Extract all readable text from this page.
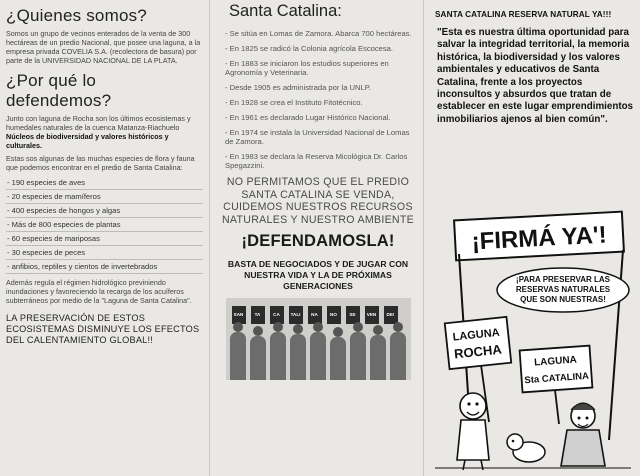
¿Quienes somos?

Somos un grupo de vecinos enterados de la venta de 300 hectáreas de un predio Nacional, que posee una laguna, a la empresa privada COVELIA S.A. (recolectora de basura) por parte de la UNIVERSIDAD NACIONAL DE LA PLATA.

¿Por qué lo defendemos?

Junto con laguna de Rocha son los últimos ecosistemas y humedales naturales de la cuenca Matanza-Riachuelo Núcleos de biodiversidad y valores históricos y culturales.

Estas sos algunas de las muchas especies de flora y fauna que podemos encontrar en el predio de Santa Catalina:

- 190 especies de aves
- 20 especies de mamíferos
- 400 especies de hongos y algas
- Más de 800 especies de plantas
- 60 especies de mariposas
- 30 especies de peces
- anfibios, reptiles y cientos de invertebrados

Además regula el régimen hidrológico previniendo inundaciones y favoreciendo la recarga de los acuíferos subterráneos por medio de la "Laguna de Santa Catalina".

LA PRESERVACIÓN DE ESTOS ECOSISTEMAS DISMINUYE LOS EFECTOS DEL CALENTAMIENTO GLOBAL!!

Santa Catalina:
- Se sitúa en Lomas de Zamora. Abarca 700 hectáreas.
- En 1825 se radicó la Colonia agrícola Escocesa.
- En 1883 se iniciaron los estudios superiores en Agronomía y Veterinaria.
- Desde 1905 es administrada por la UNLP.
- En 1928 se crea el Instituto Fitotécnico.
- En 1961 es declarado Lugar Histórico Nacional.
- En 1974 se instala la Universidad Nacional de Lomas de Zamora.
- En 1983 se declara la Reserva Micológica Dr. Carlos Spegazzini.

NO PERMITAMOS QUE EL PREDIO SANTA CATALINA SE VENDA, CUIDEMOS NUESTROS RECURSOS NATURALES Y NUESTRO AMBIENTE

¡DEFENDAMOSLA!

BASTA DE NEGOCIADOS Y DE JUGAR CON NUESTRA VIDA Y LA DE PRÓXIMAS GENERACIONES

SAN	TA	CA	TALI	NA	NO	SE	VEN	DE!
SANTA CATALINA RESERVA NATURAL YA!!!

"Esta es nuestra última oportunidad para salvar la integridad territorial, la memoria histórica, la biodiversidad y los valores ambientales y educativos de Santa Catalina, frente a los proyectos inconsultos y absurdos que tratan de establecer en este lugar emprendimientos inmobiliarios ajenos al bien común".

¡FIRMÁ YA'!
¡PARA PRESERVAR LAS
RESERVAS NATURALES
QUE SON NUESTRAS!
LAGUNA
ROCHA
LAGUNA
Sta CATALINA
